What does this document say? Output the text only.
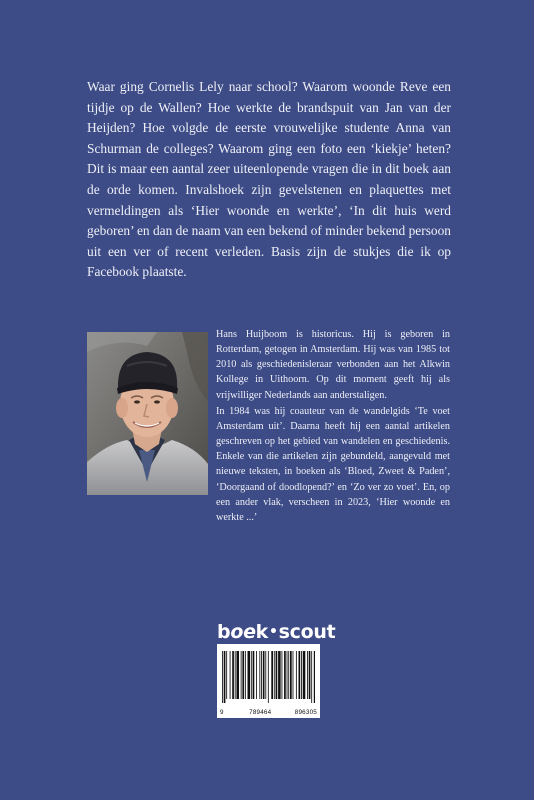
Waar ging Cornelis Lely naar school? Waarom woonde Reve een tijdje op de Wallen? Hoe werkte de brandspuit van Jan van der Heijden? Hoe volgde de eerste vrouwelijke studente Anna van Schurman de colleges? Waarom ging een foto een ‘kiekje’ heten? Dit is maar een aantal zeer uiteenlopende vragen die in dit boek aan de orde komen. Invalshoek zijn gevelstenen en plaquettes met vermeldingen als ‘Hier woonde en werkte’, ‘In dit huis werd geboren’ en dan de naam van een bekend of minder bekend persoon uit een ver of recent verleden. Basis zijn de stukjes die ik op Facebook plaatste.

Hans Huijboom is historicus. Hij is geboren in Rotterdam, getogen in Amsterdam. Hij was van 1985 tot 2010 als geschiedenisleraar verbonden aan het Alkwin Kollege in Uithoorn. Op dit moment geeft hij als vrijwilliger Nederlands aan anderstaligen.

In 1984 was hij coauteur van de wandelgids ‘Te voet Amsterdam uit’. Daarna heeft hij een aantal artikelen geschreven op het gebied van wandelen en geschiedenis. Enkele van die artikelen zijn gebundeld, aangevuld met nieuwe teksten, in boeken als ‘Bloed, Zweet & Paden’, ‘Doorgaand of doodlopend?’ en ‘Zo ver zo voet’. En, op een ander vlak, verscheen in 2023, ‘Hier woonde en werkte ...’

boek•scout
9	789464	896305
